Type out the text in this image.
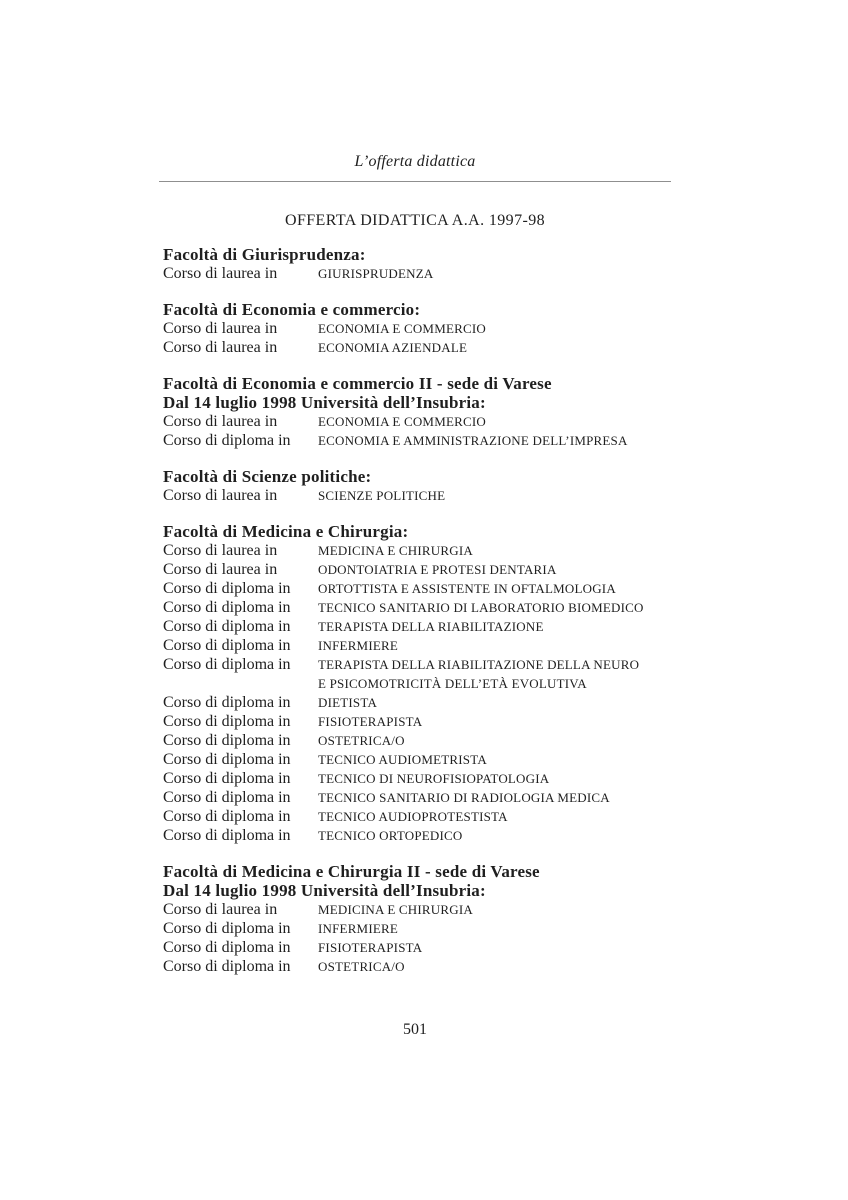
L’offerta didattica
OFFERTA DIDATTICA A.A. 1997-98
Facoltà di Giurisprudenza:
Corso di laurea in	GIURISPRUDENZA
Facoltà di Economia e commercio:
Corso di laurea in	ECONOMIA E COMMERCIO
Corso di laurea in	ECONOMIA AZIENDALE
Facoltà di Economia e commercio II - sede di Varese
Dal 14 luglio 1998 Università dell’Insubria:
Corso di laurea in	ECONOMIA E COMMERCIO
Corso di diploma in	ECONOMIA E AMMINISTRAZIONE DELL’IMPRESA
Facoltà di Scienze politiche:
Corso di laurea in	SCIENZE POLITICHE
Facoltà di Medicina e Chirurgia:
Corso di laurea in	MEDICINA E CHIRURGIA
Corso di laurea in	ODONTOIATRIA E PROTESI DENTARIA
Corso di diploma in	ORTOTTISTA E ASSISTENTE IN OFTALMOLOGIA
Corso di diploma in	TECNICO SANITARIO DI LABORATORIO BIOMEDICO
Corso di diploma in	TERAPISTA DELLA RIABILITAZIONE
Corso di diploma in	INFERMIERE
Corso di diploma in	TERAPISTA DELLA RIABILITAZIONE DELLA NEURO
E PSICOMOTRICITÀ DELL’ETÀ EVOLUTIVA
Corso di diploma in	DIETISTA
Corso di diploma in	FISIOTERAPISTA
Corso di diploma in	OSTETRICA/O
Corso di diploma in	TECNICO AUDIOMETRISTA
Corso di diploma in	TECNICO DI NEUROFISIOPATOLOGIA
Corso di diploma in	TECNICO SANITARIO DI RADIOLOGIA MEDICA
Corso di diploma in	TECNICO AUDIOPROTESTISTA
Corso di diploma in	TECNICO ORTOPEDICO
Facoltà di Medicina e Chirurgia II - sede di Varese
Dal 14 luglio 1998 Università dell’Insubria:
Corso di laurea in	MEDICINA E CHIRURGIA
Corso di diploma in	INFERMIERE
Corso di diploma in	FISIOTERAPISTA
Corso di diploma in	OSTETRICA/O
501
